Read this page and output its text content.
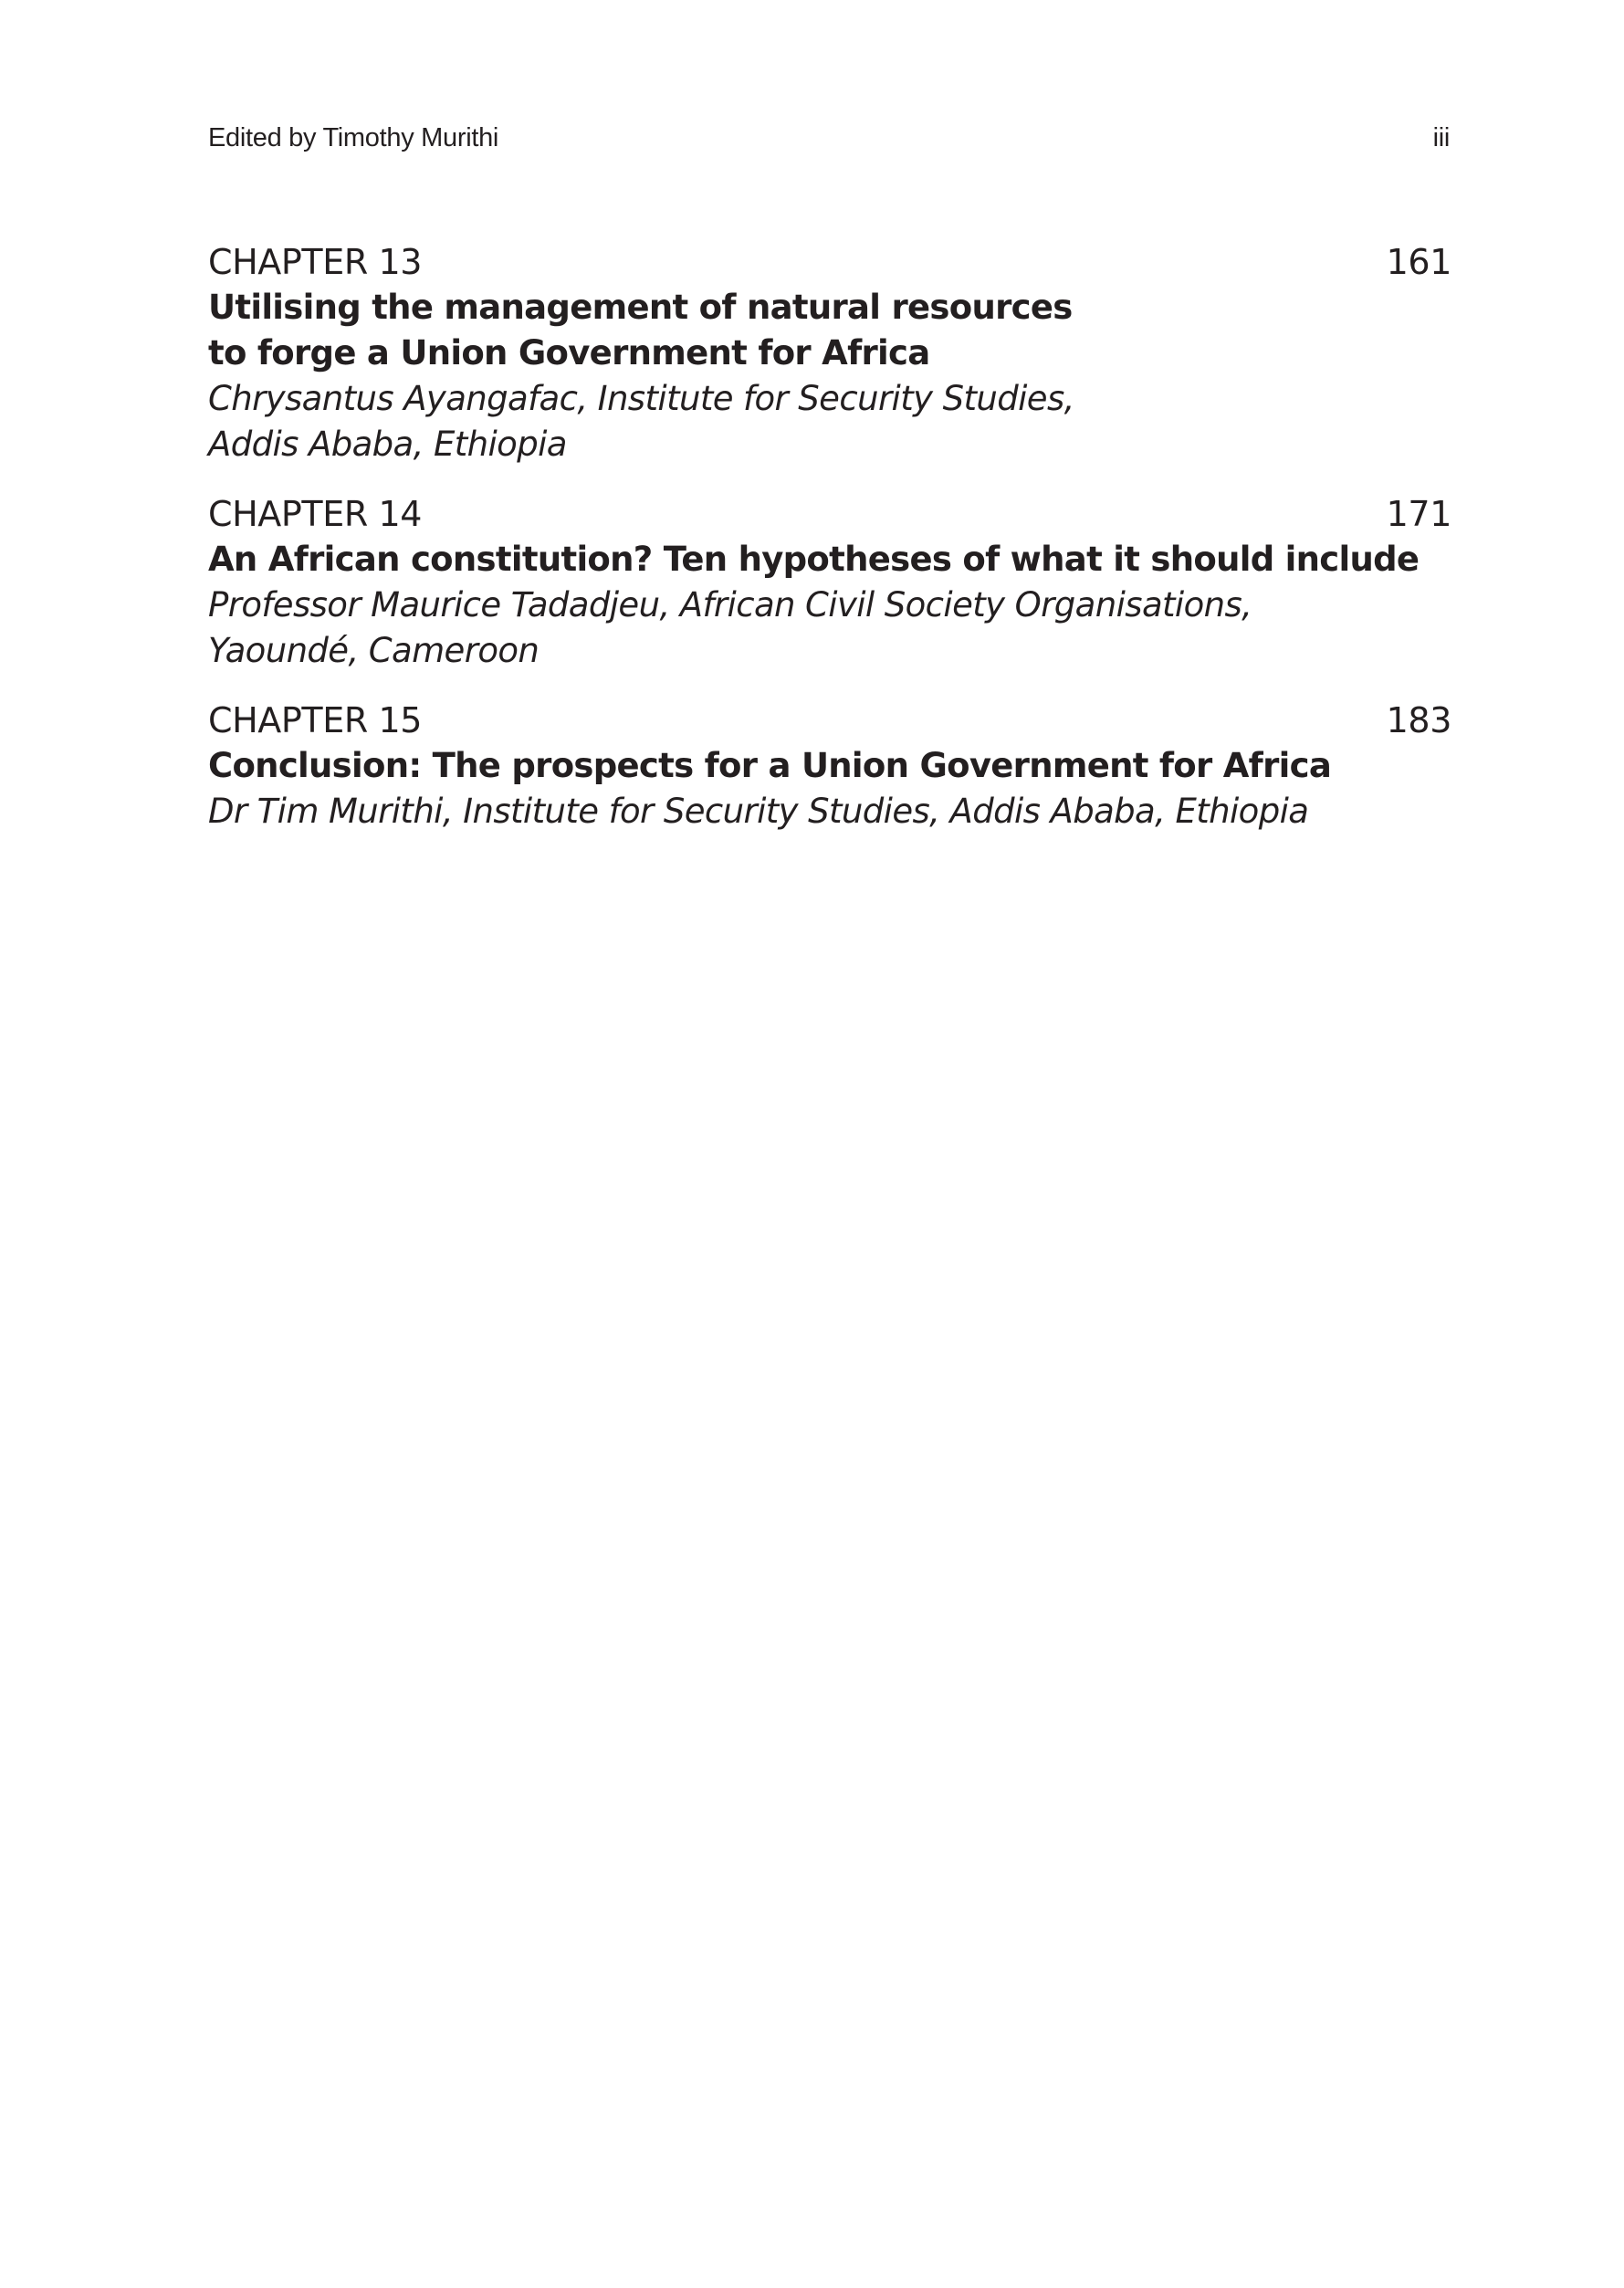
Edited by Timothy Murithi	iii
CHAPTER 13	161
Utilising the management of natural resources
to forge a Union Government for Africa
Chrysantus Ayangafac, Institute for Security Studies,
Addis Ababa, Ethiopia
CHAPTER 14	171
An African constitution? Ten hypotheses of what it should include
Professor Maurice Tadadjeu, African Civil Society Organisations,
Yaoundé, Cameroon
CHAPTER 15	183
Conclusion: The prospects for a Union Government for Africa
Dr Tim Murithi, Institute for Security Studies, Addis Ababa, Ethiopia
